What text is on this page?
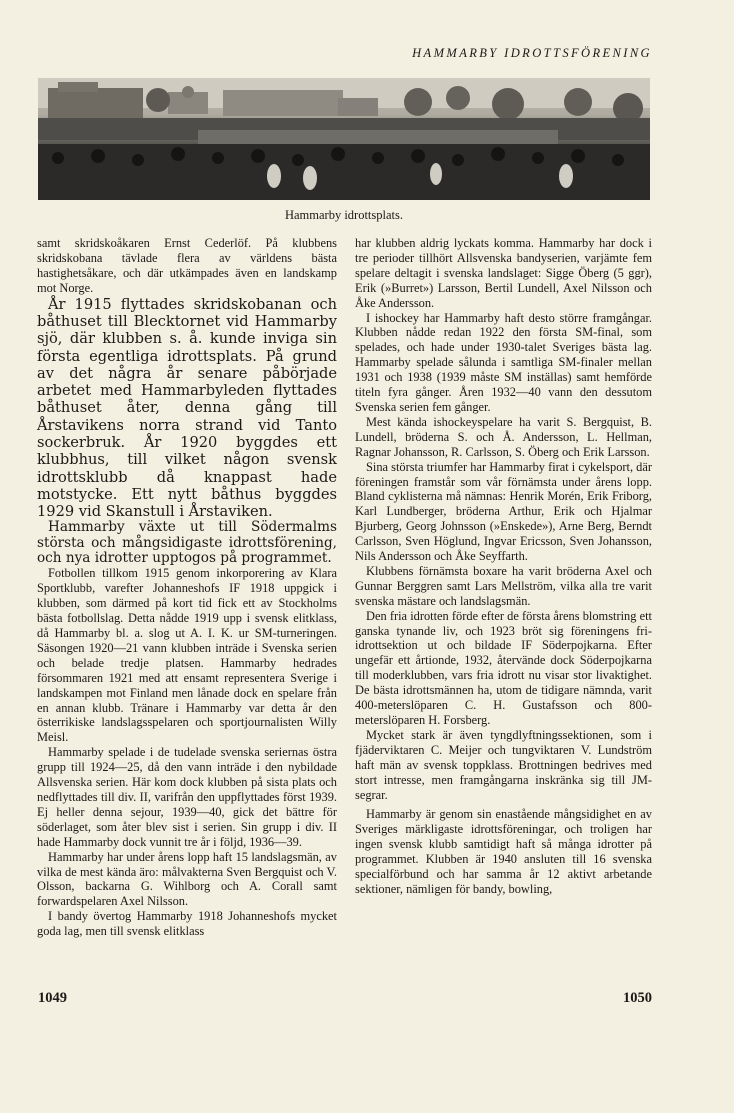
HAMMARBY IDROTTSFÖRENING
Hammarby idrottsplats.

samt skridskoåkaren Ernst Cederlöf. På klubbens skridskobana tävlade flera av världens bästa hastighetsåkare, och där utkämpades även en landskamp mot Norge.

År 1915 flyttades skridskobanan och båthuset till Blecktornet vid Hammarby sjö, där klubben s. å. kunde inviga sin första egentliga idrottsplats. På grund av det några år senare påbörjade arbetet med Hammarbyleden flyttades båthuset åter, denna gång till Årstavikens norra strand vid Tanto sockerbruk. År 1920 byggdes ett klubbhus, till vilket någon svensk idrottsklubb då knappast hade motstycke. Ett nytt båthus byggdes 1929 vid Skanstull i Årstaviken.

Hammarby växte ut till Södermalms största och mångsidigaste idrottsförening, och nya idrotter upptogos på programmet.

Fotbollen tillkom 1915 genom inkorporering av Klara Sportklubb, varefter Johanneshofs IF 1918 uppgick i klubben, som därmed på kort tid fick ett av Stockholms bästa fotbollslag. Detta nådde 1919 upp i svensk elitklass, då Hammarby bl. a. slog ut A. I. K. ur SM-turneringen. Säsongen 1920—21 vann klubben inträde i Svenska serien och belade tredje platsen. Hammarby hedrades försommaren 1921 med att ensamt representera Sverige i landskampen mot Finland men lånade dock en spelare från en annan klubb. Tränare i Hammarby var detta år den österrikiske landslagsspelaren och sportjournalisten Willy Meisl.

Hammarby spelade i de tudelade svenska seriernas östra grupp till 1924—25, då den vann inträde i den nybildade Allsvenska serien. Här kom dock klubben på sista plats och nedflyttades till div. II, varifrån den uppflyttades först 1939. Ej heller denna sejour, 1939—40, gick det bättre för söderlaget, som åter blev sist i serien. Sin grupp i div. II hade Hammarby dock vunnit tre år i följd, 1936—39.

Hammarby har under årens lopp haft 15 landslagsmän, av vilka de mest kända äro: målvakterna Sven Bergquist och V. Olsson, backarna G. Wihlborg och A. Corall samt forwardspelaren Axel Nilsson.

I bandy övertog Hammarby 1918 Johanneshofs mycket goda lag, men till svensk elitklass

har klubben aldrig lyckats komma. Hammarby har dock i tre perioder tillhört Allsvenska bandyserien, varjämte fem spelare deltagit i svenska landslaget: Sigge Öberg (5 ggr), Erik (»Burret») Larsson, Bertil Lundell, Axel Nilsson och Åke Andersson.

I ishockey har Hammarby haft desto större framgångar. Klubben nådde redan 1922 den första SM-final, som spelades, och hade under 1930-talet Sveriges bästa lag. Hammarby spelade sålunda i samtliga SM-finaler mellan 1931 och 1938 (1939 måste SM inställas) samt hemförde titeln fyra gånger. Åren 1932—40 vann den dessutom Svenska serien fem gånger.

Mest kända ishockeyspelare ha varit S. Bergquist, B. Lundell, bröderna S. och Å. Andersson, L. Hellman, Ragnar Johansson, R. Carlsson, S. Öberg och Erik Larsson.

Sina största triumfer har Hammarby firat i cykelsport, där föreningen framstår som vår förnämsta under årens lopp. Bland cyklisterna må nämnas: Henrik Morén, Erik Friborg, Karl Lundberger, bröderna Arthur, Erik och Hjalmar Bjurberg, Georg Johnsson (»Enskede»), Arne Berg, Berndt Carlsson, Sven Höglund, Ingvar Ericsson, Sven Johansson, Nils Andersson och Åke Seyffarth.

Klubbens förnämsta boxare ha varit bröderna Axel och Gunnar Berggren samt Lars Mellström, vilka alla tre varit svenska mästare och landslagsmän.

Den fria idrotten förde efter de första årens blomstring ett ganska tynande liv, och 1923 bröt sig föreningens fri-idrottsektion ut och bildade IF Söderpojkarna. Efter ungefär ett årtionde, 1932, återvände dock Söderpojkarna till moderklubben, vars fria idrott nu visar stor livaktighet. De bästa idrottsmännen ha, utom de tidigare nämnda, varit 400-meterslöparen C. H. Gustafsson och 800-meterslöparen H. Forsberg.

Mycket stark är även tyngdlyftningssektionen, som i fjäderviktaren C. Meijer och tungviktaren V. Lundström haft män av svensk toppklass. Brottningen bedrives med stort intresse, men framgångarna inskränka sig till JM-segrar.

Hammarby är genom sin enastående mångsidighet en av Sveriges märkligaste idrottsföreningar, och troligen har ingen svensk klubb samtidigt haft så många idrotter på programmet. Klubben är 1940 ansluten till 16 svenska specialförbund och har samma år 12 aktivt arbetande sektioner, nämligen för bandy, bowling,

1049	1050
